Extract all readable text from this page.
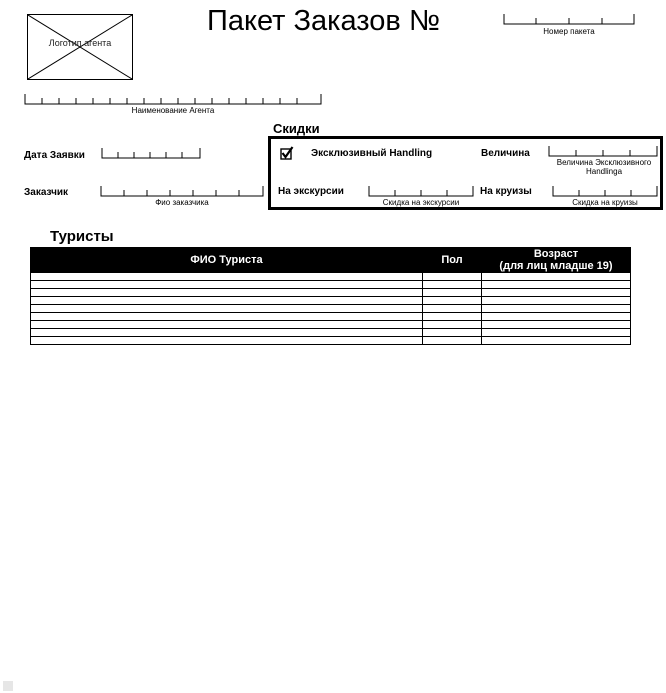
Логотип агента
Пакет Заказов №	Номер пакета
Наименование Агента
Скидки
Дата Заявки
Заказчик
Фио заказчика
Эксклюзивный Handling	Величина
Величина Эксклюзивного Handlinga
На экскурсии
Скидка на экскурсии
На круизы
Скидка на круизы
Туристы
ФИО Туриста	Пол	Возраст
(для лиц младше 19)
